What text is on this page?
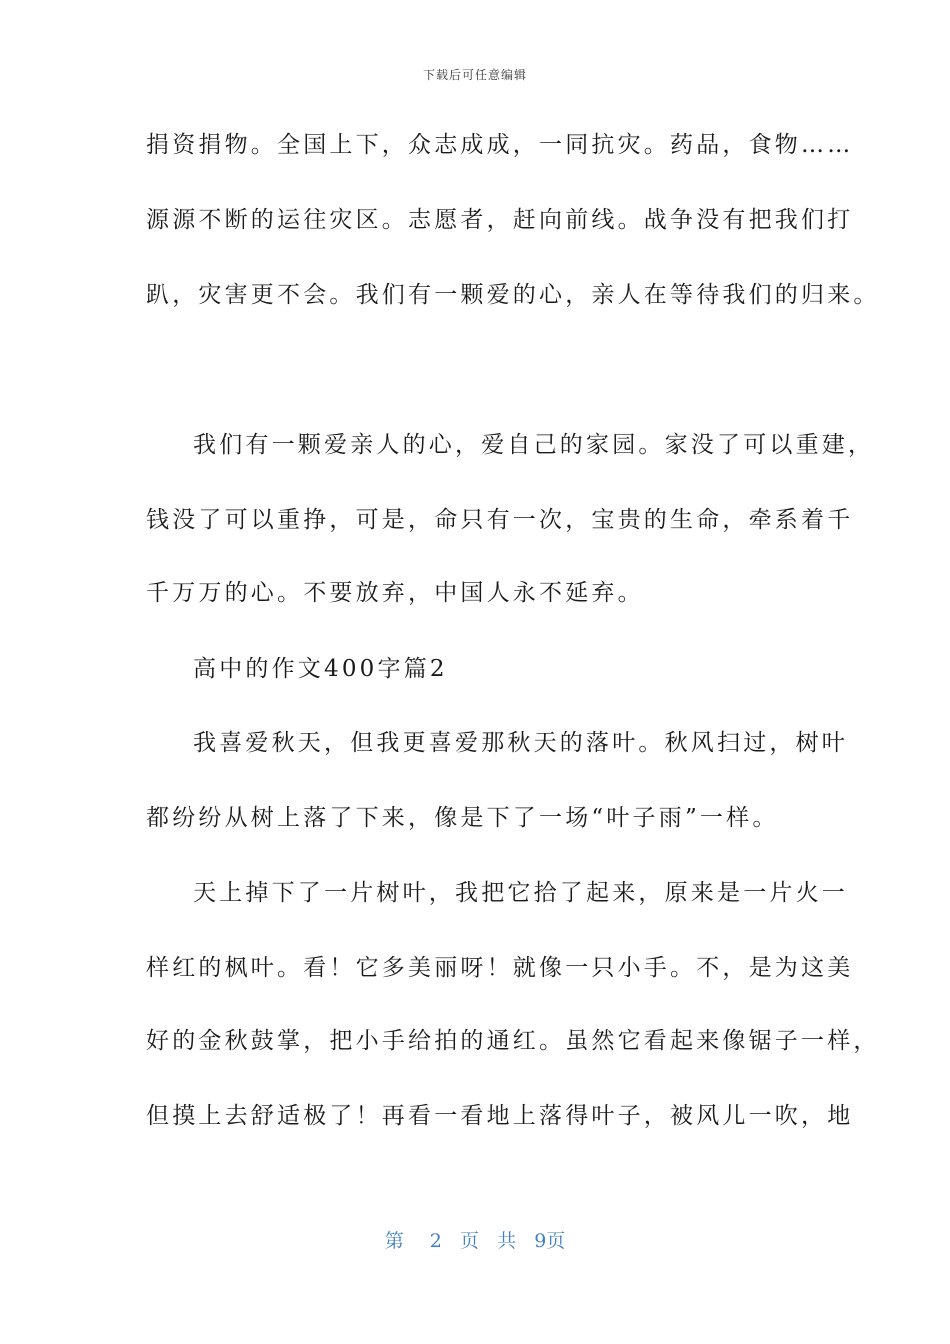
下载后可任意编辑
捐资捐物。全国上下，众志成成，一同抗灾。药品，食物……
源源不断的运往灾区。志愿者，赶向前线。战争没有把我们打
趴，灾害更不会。我们有一颗爱的心，亲人在等待我们的归来。
我们有一颗爱亲人的心，爱自己的家园。家没了可以重建，
钱没了可以重挣，可是，命只有一次，宝贵的生命，牵系着千
千万万的心。不要放弃，中国人永不延弃。
高中的作文400字篇2
我喜爱秋天，但我更喜爱那秋天的落叶。秋风扫过，树叶
都纷纷从树上落了下来，像是下了一场“叶子雨”一样。
天上掉下了一片树叶，我把它拾了起来，原来是一片火一
样红的枫叶。看！它多美丽呀！就像一只小手。不，是为这美
好的金秋鼓掌，把小手给拍的通红。虽然它看起来像锯子一样，
但摸上去舒适极了！再看一看地上落得叶子，被风儿一吹，地
第 2 页 共 9页
